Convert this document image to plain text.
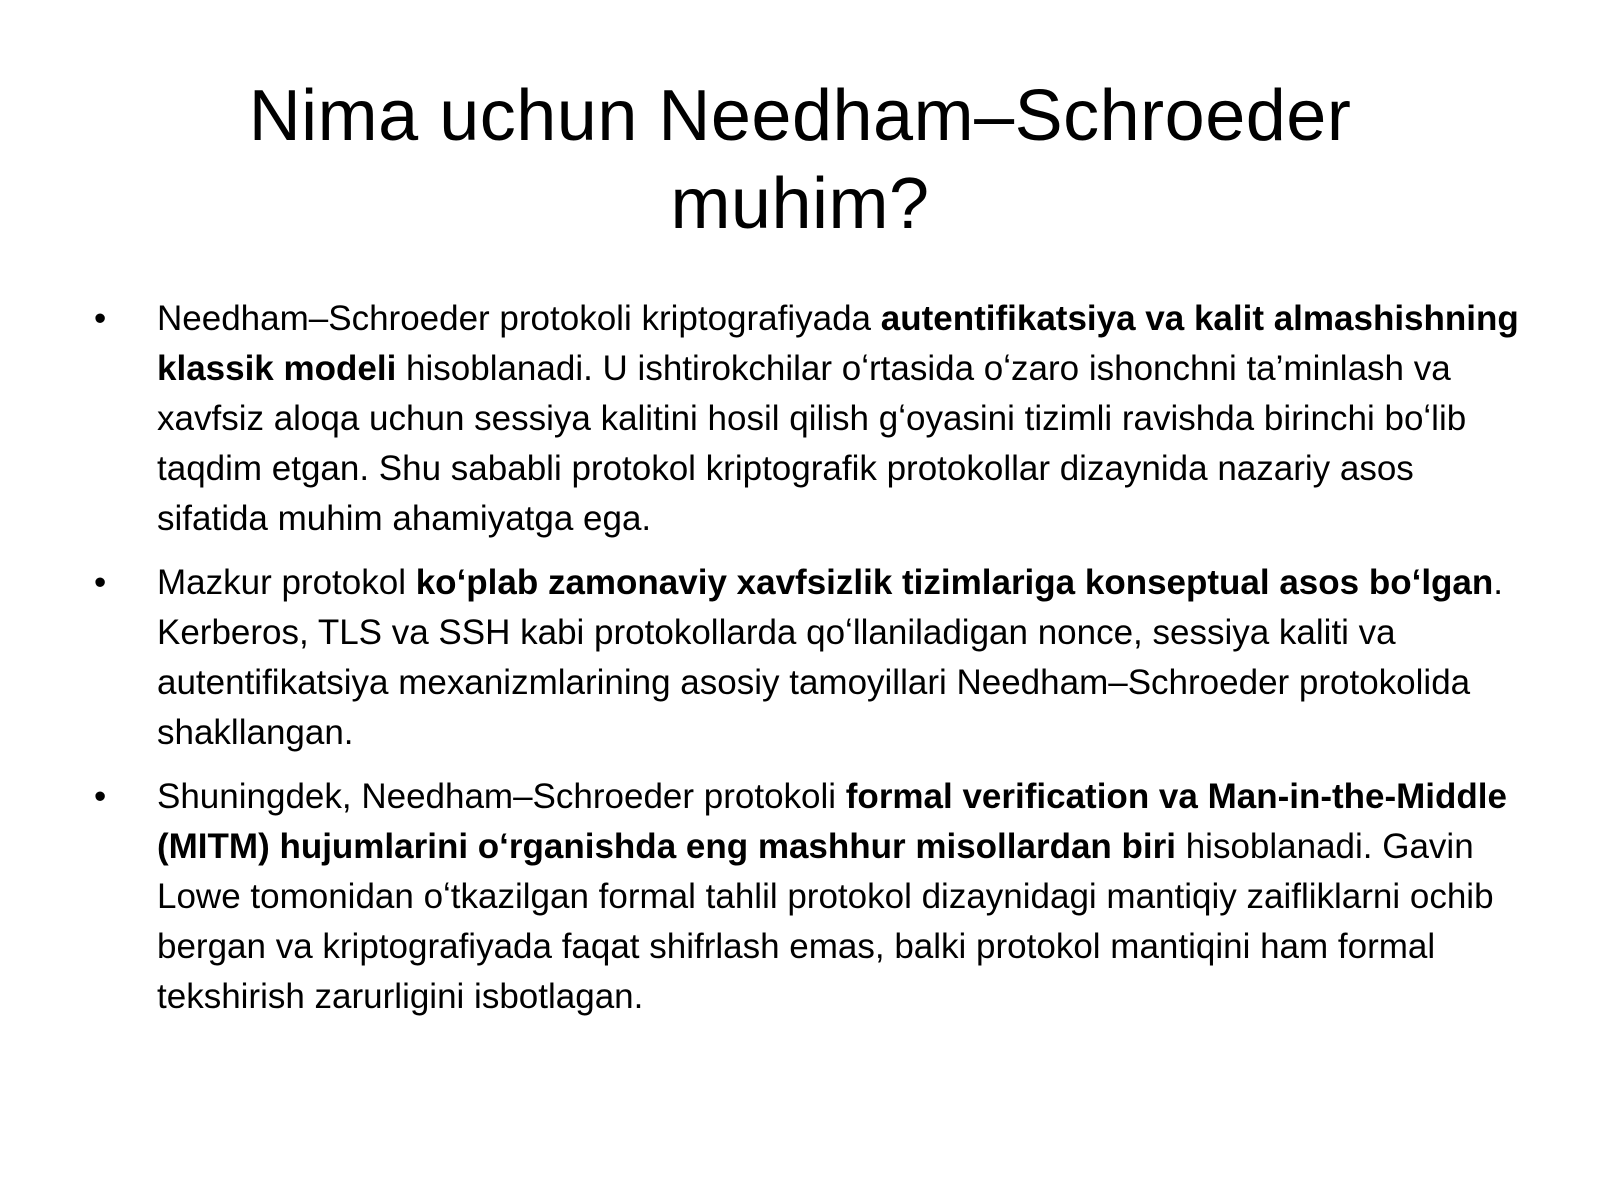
Nima uchun Needham–Schroeder muhim?
• Needham–Schroeder protokoli kriptografiyada autentifikatsiya va kalit almashishning klassik modeli hisoblanadi. U ishtirokchilar oʻrtasida oʻzaro ishonchni ta’minlash va xavfsiz aloqa uchun sessiya kalitini hosil qilish gʻoyasini tizimli ravishda birinchi boʻlib taqdim etgan. Shu sababli protokol kriptografik protokollar dizaynida nazariy asos sifatida muhim ahamiyatga ega.
• Mazkur protokol koʻplab zamonaviy xavfsizlik tizimlariga konseptual asos boʻlgan. Kerberos, TLS va SSH kabi protokollarda qoʻllaniladigan nonce, sessiya kaliti va autentifikatsiya mexanizmlarining asosiy tamoyillari Needham–Schroeder protokolida shakllangan.
• Shuningdek, Needham–Schroeder protokoli formal verification va Man-in-the-Middle (MITM) hujumlarini oʻrganishda eng mashhur misollardan biri hisoblanadi. Gavin Lowe tomonidan oʻtkazilgan formal tahlil protokol dizaynidagi mantiqiy zaifliklarni ochib bergan va kriptografiyada faqat shifrlash emas, balki protokol mantiqini ham formal tekshirish zarurligini isbotlagan.
